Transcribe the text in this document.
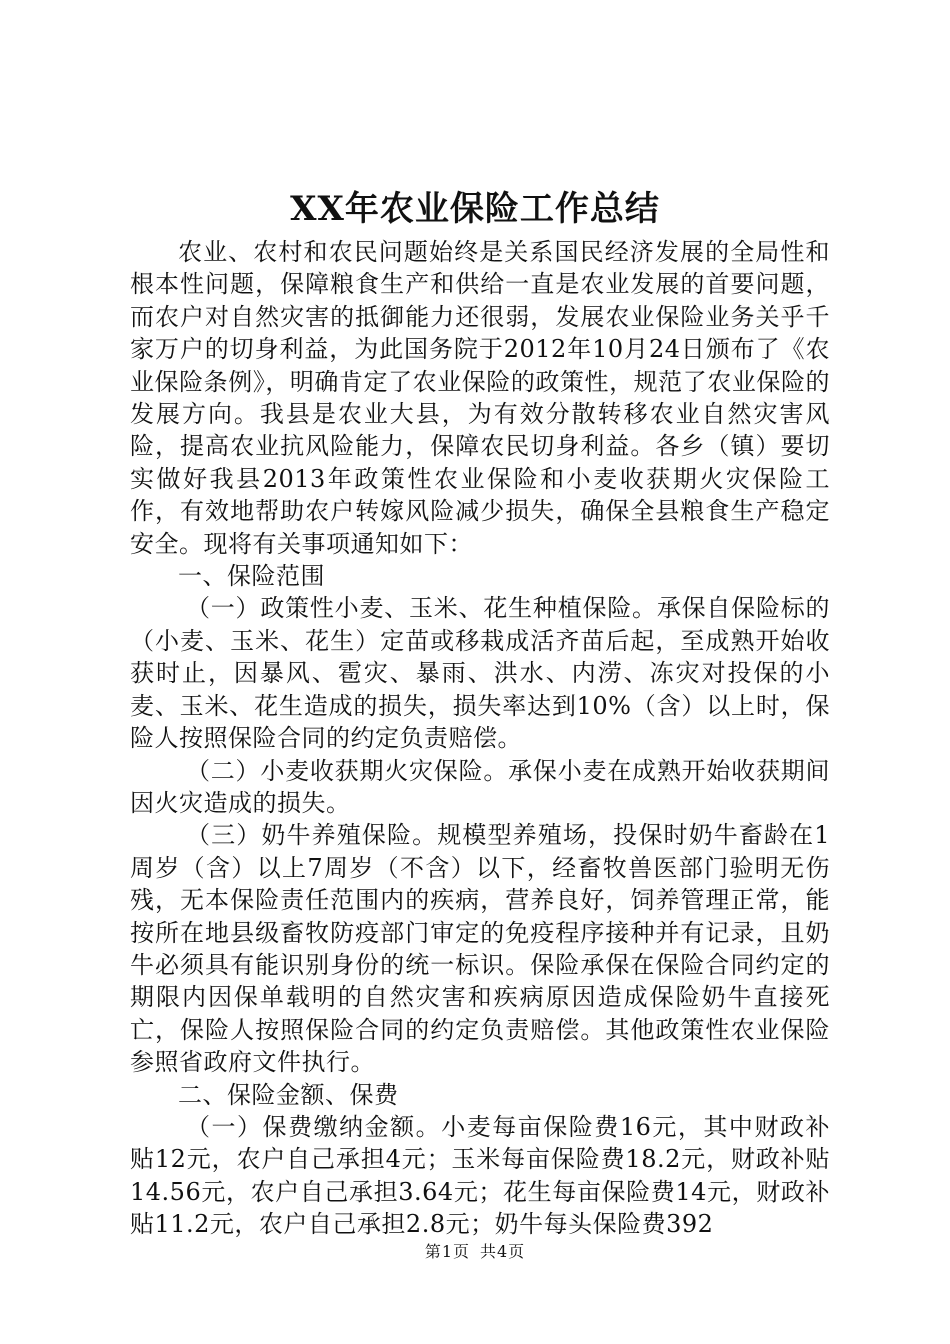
XX年农业保险工作总结

农业、农村和农民问题始终是关系国民经济发展的全局性和根本性问题，保障粮食生产和供给一直是农业发展的首要问题，而农户对自然灾害的抵御能力还很弱，发展农业保险业务关乎千家万户的切身利益，为此国务院于2012年10月24日颁布了《农业保险条例》，明确肯定了农业保险的政策性，规范了农业保险的发展方向。我县是农业大县，为有效分散转移农业自然灾害风险，提高农业抗风险能力，保障农民切身利益。各乡（镇）要切实做好我县2013年政策性农业保险和小麦收获期火灾保险工作，有效地帮助农户转嫁风险减少损失，确保全县粮食生产稳定安全。现将有关事项通知如下：

一、保险范围

（一）政策性小麦、玉米、花生种植保险。承保自保险标的（小麦、玉米、花生）定苗或移栽成活齐苗后起，至成熟开始收获时止，因暴风、雹灾、暴雨、洪水、内涝、冻灾对投保的小麦、玉米、花生造成的损失，损失率达到10%（含）以上时，保险人按照保险合同的约定负责赔偿。

（二）小麦收获期火灾保险。承保小麦在成熟开始收获期间因火灾造成的损失。

（三）奶牛养殖保险。规模型养殖场，投保时奶牛畜龄在1周岁（含）以上7周岁（不含）以下，经畜牧兽医部门验明无伤残，无本保险责任范围内的疾病，营养良好，饲养管理正常，能按所在地县级畜牧防疫部门审定的免疫程序接种并有记录，且奶牛必须具有能识别身份的统一标识。保险承保在保险合同约定的期限内因保单载明的自然灾害和疾病原因造成保险奶牛直接死亡，保险人按照保险合同的约定负责赔偿。其他政策性农业保险参照省政府文件执行。

二、保险金额、保费

（一）保费缴纳金额。小麦每亩保险费16元，其中财政补贴12元，农户自己承担4元；玉米每亩保险费18.2元，财政补贴14.56元，农户自己承担3.64元；花生每亩保险费14元，财政补贴11.2元，农户自己承担2.8元；奶牛每头保险费392

第1页 共4页
